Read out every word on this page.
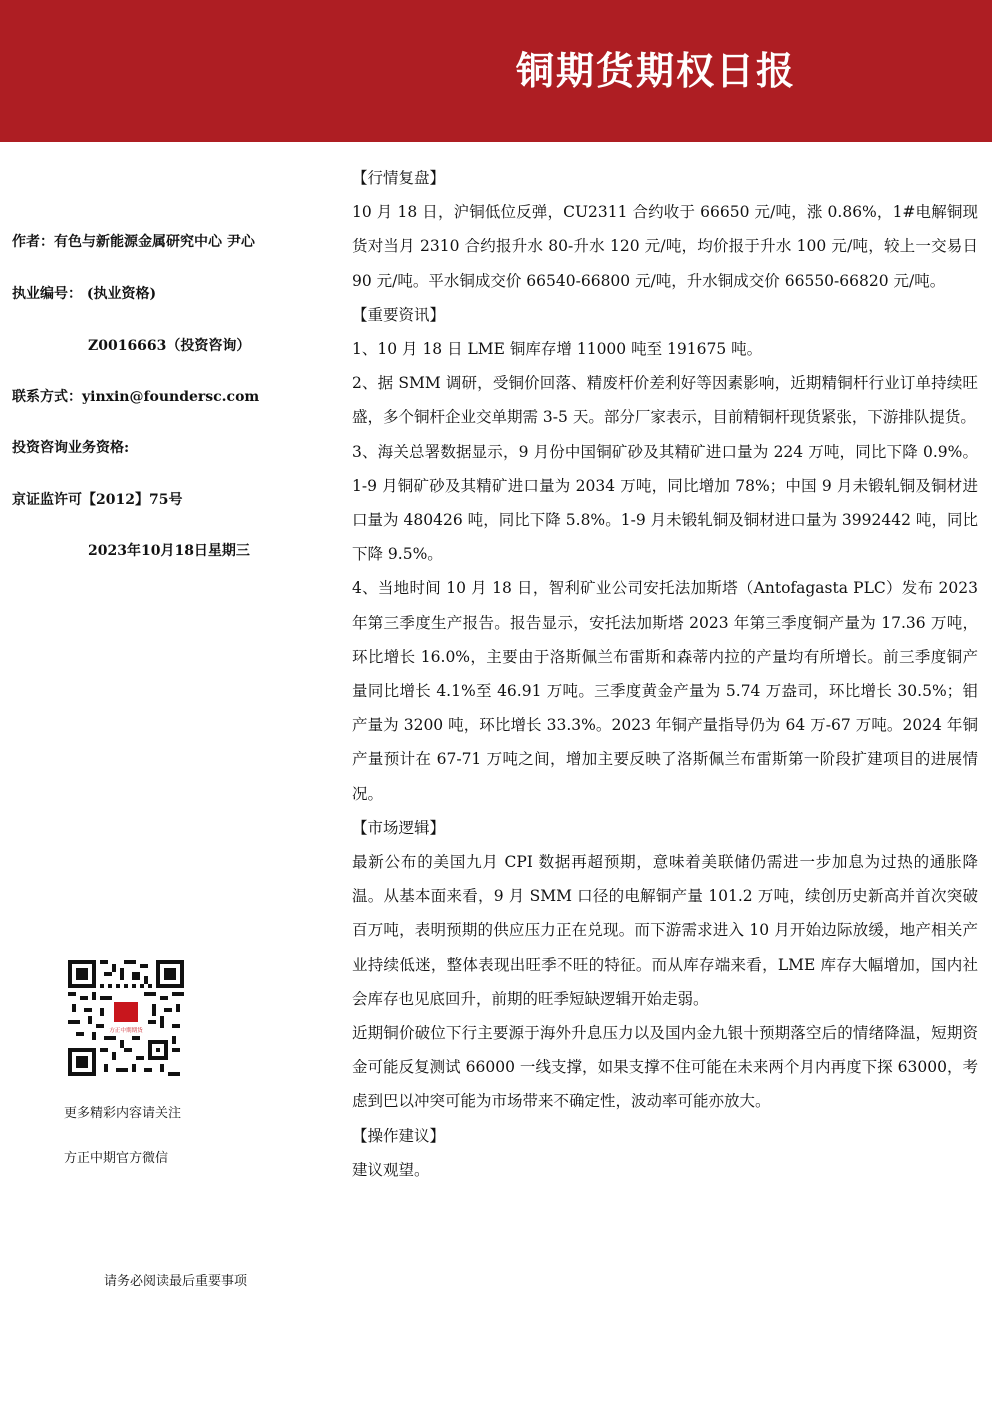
铜期货期权日报
作者：有色与新能源金属研究中心 尹心
执业编号： (执业资格)
Z0016663（投资咨询）
联系方式：yinxin@foundersc.com
投资咨询业务资格:
京证监许可【2012】75号
2023年10月18日星期三
方正中期期货
更多精彩内容请关注
方正中期官方微信
请务必阅读最后重要事项
【行情复盘】

10 月 18 日，沪铜低位反弹，CU2311 合约收于 66650 元/吨，涨 0.86%，1#电解铜现货对当月 2310 合约报升水 80-升水 120 元/吨，均价报于升水 100 元/吨，较上一交易日 90 元/吨。平水铜成交价 66540-66800 元/吨，升水铜成交价 66550-66820 元/吨。

【重要资讯】

1、10 月 18 日 LME 铜库存增 11000 吨至 191675 吨。

2、据 SMM 调研，受铜价回落、精废杆价差利好等因素影响，近期精铜杆行业订单持续旺盛，多个铜杆企业交单期需 3-5 天。部分厂家表示，目前精铜杆现货紧张，下游排队提货。

3、海关总署数据显示，9 月份中国铜矿砂及其精矿进口量为 224 万吨，同比下降 0.9%。1-9 月铜矿砂及其精矿进口量为 2034 万吨，同比增加 78%；中国 9 月未锻轧铜及铜材进口量为 480426 吨，同比下降 5.8%。1-9 月未锻轧铜及铜材进口量为 3992442 吨，同比下降 9.5%。

4、当地时间 10 月 18 日，智利矿业公司安托法加斯塔（Antofagasta PLC）发布 2023 年第三季度生产报告。报告显示，安托法加斯塔 2023 年第三季度铜产量为 17.36 万吨，环比增长 16.0%，主要由于洛斯佩兰布雷斯和森蒂内拉的产量均有所增长。前三季度铜产量同比增长 4.1%至 46.91 万吨。三季度黄金产量为 5.74 万盎司，环比增长 30.5%；钼产量为 3200 吨，环比增长 33.3%。2023 年铜产量指导仍为 64 万-67 万吨。2024 年铜产量预计在 67-71 万吨之间，增加主要反映了洛斯佩兰布雷斯第一阶段扩建项目的进展情况。

【市场逻辑】

最新公布的美国九月 CPI 数据再超预期，意味着美联储仍需进一步加息为过热的通胀降温。从基本面来看，9 月 SMM 口径的电解铜产量 101.2 万吨，续创历史新高并首次突破百万吨，表明预期的供应压力正在兑现。而下游需求进入 10 月开始边际放缓，地产相关产业持续低迷，整体表现出旺季不旺的特征。而从库存端来看，LME 库存大幅增加，国内社会库存也见底回升，前期的旺季短缺逻辑开始走弱。

近期铜价破位下行主要源于海外升息压力以及国内金九银十预期落空后的情绪降温，短期资金可能反复测试 66000 一线支撑，如果支撑不住可能在未来两个月内再度下探 63000，考虑到巴以冲突可能为市场带来不确定性，波动率可能亦放大。

【操作建议】

建议观望。
